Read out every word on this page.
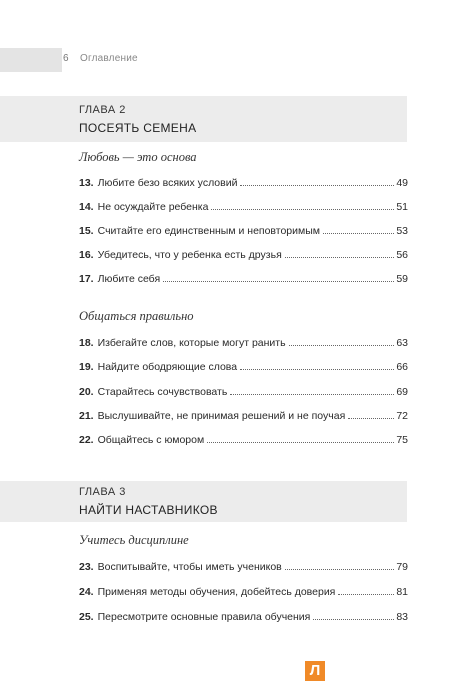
6 Оглавление
ГЛАВА 2
ПОСЕЯТЬ СЕМЕНА
Любовь — это основа
13. Любите безо всяких условий	49
14. Не осуждайте ребенка	51
15. Считайте его единственным и неповторимым	53
16. Убедитесь, что у ребенка есть друзья	56
17. Любите себя	59
Общаться правильно
18. Избегайте слов, которые могут ранить	63
19. Найдите ободряющие слова	66
20. Старайтесь сочувствовать	69
21. Выслушивайте, не принимая решений и не поучая	72
22. Общайтесь с юмором	75
ГЛАВА 3
НАЙТИ НАСТАВНИКОВ
Учитесь дисциплине
23. Воспитывайте, чтобы иметь учеников	79
24. Применяя методы обучения, добейтесь доверия	81
25. Пересмотрите основные правила обучения	83
Л
